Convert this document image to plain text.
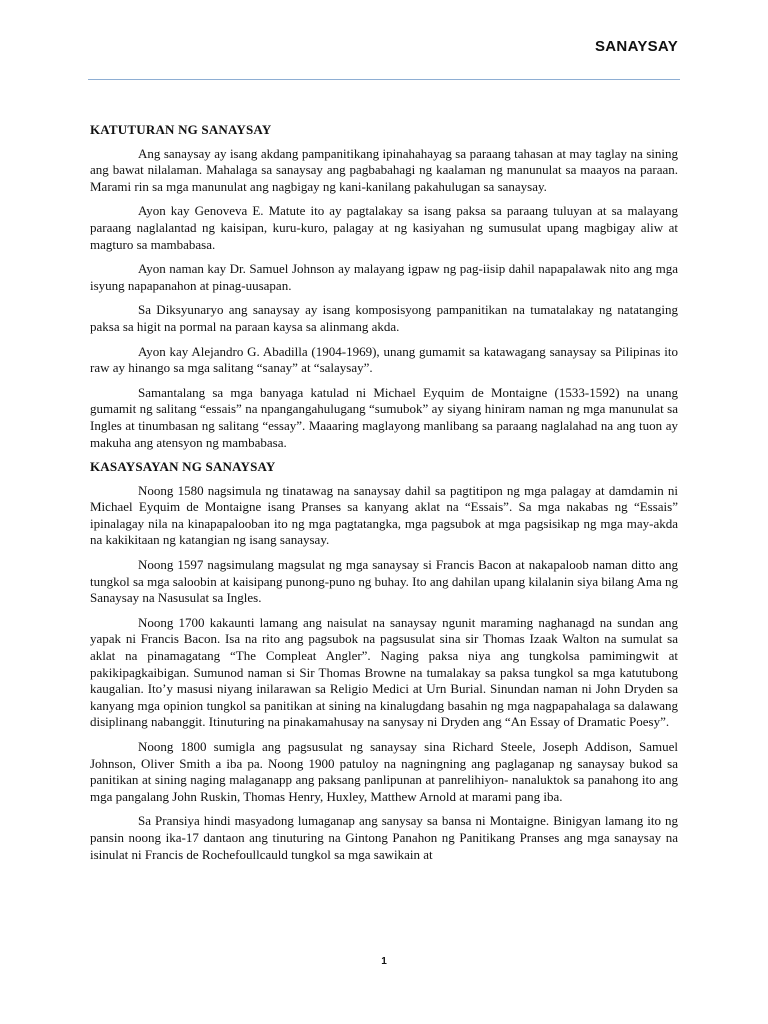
SANAYSAY
KATUTURAN NG SANAYSAY

Ang sanaysay ay isang akdang pampanitikang ipinahahayag sa paraang tahasan at may taglay na sining ang bawat nilalaman. Mahalaga sa sanaysay ang pagbabahagi ng kaalaman ng manunulat sa maayos na paraan. Marami rin sa mga manunulat ang nagbigay ng kani-kanilang pakahulugan sa sanaysay.

Ayon kay Genoveva E. Matute ito ay pagtalakay sa isang paksa sa paraang tuluyan at sa malayang paraang naglalantad ng kaisipan, kuru-kuro, palagay at ng kasiyahan ng sumusulat upang magbigay aliw at magturo sa mambabasa.

Ayon naman kay Dr. Samuel Johnson ay malayang igpaw ng pag-iisip dahil napapalawak nito ang mga isyung napapanahon at pinag-uusapan.

Sa Diksyunaryo ang sanaysay ay isang komposisyong pampanitikan na tumatalakay ng natatanging paksa sa higit na pormal na paraan kaysa sa alinmang akda.

Ayon kay Alejandro G. Abadilla (1904-1969), unang gumamit sa katawagang sanaysay sa Pilipinas ito raw ay hinango sa mga salitang “sanay” at “salaysay”.

Samantalang sa mga banyaga katulad ni Michael Eyquim de Montaigne (1533-1592) na unang gumamit ng salitang “essais” na npangangahulugang “sumubok” ay siyang hiniram naman ng mga manunulat sa Ingles at tinumbasan ng salitang “essay”. Maaaring maglayong manlibang sa paraang naglalahad na ang tuon ay makuha ang atensyon ng mambabasa.

KASAYSAYAN NG SANAYSAY

Noong 1580 nagsimula ng tinatawag na sanaysay dahil sa pagtitipon ng mga palagay at damdamin ni Michael Eyquim de Montaigne isang Pranses sa kanyang aklat na “Essais”. Sa mga nakabas ng “Essais” ipinalagay nila na kinapapalooban ito ng mga pagtatangka, mga pagsubok at mga pagsisikap ng mga may-akda na kakikitaan ng katangian ng isang sanaysay.

Noong 1597 nagsimulang magsulat ng mga sanaysay si Francis Bacon at nakapaloob naman ditto ang tungkol sa mga saloobin at kaisipang punong-puno ng buhay. Ito ang dahilan upang kilalanin siya bilang Ama ng Sanaysay na Nasusulat sa Ingles.

Noong 1700 kakaunti lamang ang naisulat na sanaysay ngunit maraming naghanagd na sundan ang yapak ni Francis Bacon. Isa na rito ang pagsubok na pagsusulat sina sir Thomas Izaak Walton na sumulat sa aklat na pinamagatang “The Compleat Angler”. Naging paksa niya ang tungkolsa pamimingwit at pakikipagkaibigan. Sumunod naman si Sir Thomas Browne na tumalakay sa paksa tungkol sa mga katutubong kaugalian. Ito’y masusi niyang inilarawan sa Religio Medici at Urn Burial. Sinundan naman ni John Dryden sa kanyang mga opinion tungkol sa panitikan at sining na kinalugdang basahin ng mga nagpapahalaga sa dalawang disiplinang nabanggit. Itinuturing na pinakamahusay na sanysay ni Dryden ang “An Essay of Dramatic Poesy”.

Noong 1800 sumigla ang pagsusulat ng sanaysay sina Richard Steele, Joseph Addison, Samuel Johnson, Oliver Smith a iba pa. Noong 1900 patuloy na nagningning ang paglaganap ng sanaysay bukod sa panitikan at sining naging malaganapp ang paksang panlipunan at panrelihiyon- nanaluktok sa panahong ito ang mga pangalang John Ruskin, Thomas Henry, Huxley, Matthew Arnold at marami pang iba.

Sa Pransiya hindi masyadong lumaganap ang sanysay sa bansa ni Montaigne. Binigyan lamang ito ng pansin noong ika-17 dantaon ang tinuturing na Gintong Panahon ng Panitikang Pranses ang mga sanaysay na isinulat ni Francis de Rochefoullcauld tungkol sa mga sawikain at

1
